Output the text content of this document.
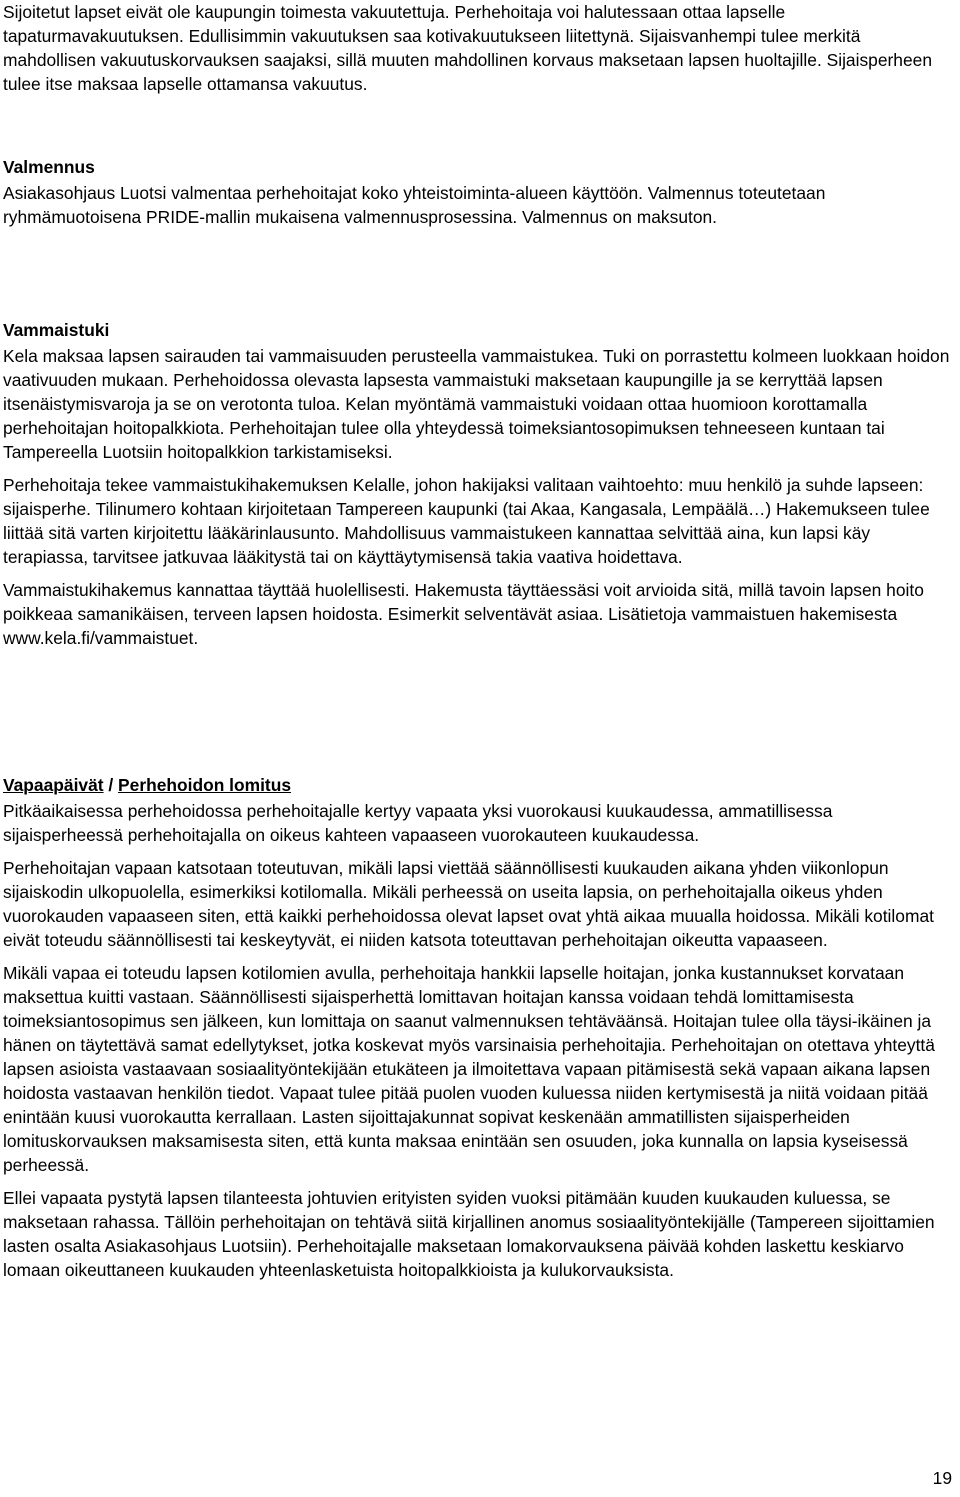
Sijoitetut lapset eivät ole kaupungin toimesta vakuutettuja. Perhehoitaja voi halutessaan ottaa lapselle tapaturmavakuutuksen. Edullisimmin vakuutuksen saa kotivakuutukseen liitettynä. Sijaisvanhempi tulee merkitä mahdollisen vakuutuskorvauksen saajaksi, sillä muuten mahdollinen korvaus maksetaan lapsen huoltajille. Sijaisperheen tulee itse maksaa lapselle ottamansa vakuutus.

Valmennus

Asiakasohjaus Luotsi valmentaa perhehoitajat koko yhteistoiminta-alueen käyttöön. Valmennus toteutetaan ryhmämuotoisena PRIDE-mallin mukaisena valmennusprosessina. Valmennus on maksuton.

Vammaistuki

Kela maksaa lapsen sairauden tai vammaisuuden perusteella vammaistukea. Tuki on porrastettu kolmeen luokkaan hoidon vaativuuden mukaan. Perhehoidossa olevasta lapsesta vammaistuki maksetaan kaupungille ja se kerryttää lapsen itsenäistymisvaroja ja se on verotonta tuloa. Kelan myöntämä vammaistuki voidaan ottaa huomioon korottamalla perhehoitajan hoitopalkkiota. Perhehoitajan tulee olla yhteydessä toimeksiantosopimuksen tehneeseen kuntaan tai Tampereella Luotsiin hoitopalkkion tarkistamiseksi.

Perhehoitaja tekee vammaistukihakemuksen Kelalle, johon hakijaksi valitaan vaihtoehto: muu henkilö ja suhde lapseen: sijaisperhe. Tilinumero kohtaan kirjoitetaan Tampereen kaupunki (tai Akaa, Kangasala, Lempäälä…) Hakemukseen tulee liittää sitä varten kirjoitettu lääkärinlausunto. Mahdollisuus vammaistukeen kannattaa selvittää aina, kun lapsi käy terapiassa, tarvitsee jatkuvaa lääkitystä tai on käyttäytymisensä takia vaativa hoidettava.

Vammaistukihakemus kannattaa täyttää huolellisesti. Hakemusta täyttäessäsi voit arvioida sitä, millä tavoin lapsen hoito poikkeaa samanikäisen, terveen lapsen hoidosta. Esimerkit selventävät asiaa. Lisätietoja vammaistuen hakemisesta www.kela.fi/vammaistuet.

Vapaapäivät / Perhehoidon lomitus

Pitkäaikaisessa perhehoidossa perhehoitajalle kertyy vapaata yksi vuorokausi kuukaudessa, ammatillisessa sijaisperheessä perhehoitajalla on oikeus kahteen vapaaseen vuorokauteen kuukaudessa.

Perhehoitajan vapaan katsotaan toteutuvan, mikäli lapsi viettää säännöllisesti kuukauden aikana yhden viikonlopun sijaiskodin ulkopuolella, esimerkiksi kotilomalla. Mikäli perheessä on useita lapsia, on perhehoitajalla oikeus yhden vuorokauden vapaaseen siten, että kaikki perhehoidossa olevat lapset ovat yhtä aikaa muualla hoidossa. Mikäli kotilomat eivät toteudu säännöllisesti tai keskeytyvät, ei niiden katsota toteuttavan perhehoitajan oikeutta vapaaseen.

Mikäli vapaa ei toteudu lapsen kotilomien avulla, perhehoitaja hankkii lapselle hoitajan, jonka kustannukset korvataan maksettua kuitti vastaan. Säännöllisesti sijaisperhettä lomittavan hoitajan kanssa voidaan tehdä lomittamisesta toimeksiantosopimus sen jälkeen, kun lomittaja on saanut valmennuksen tehtäväänsä. Hoitajan tulee olla täysi-ikäinen ja hänen on täytettävä samat edellytykset, jotka koskevat myös varsinaisia perhehoitajia. Perhehoitajan on otettava yhteyttä lapsen asioista vastaavaan sosiaalityöntekijään etukäteen ja ilmoitettava vapaan pitämisestä sekä vapaan aikana lapsen hoidosta vastaavan henkilön tiedot. Vapaat tulee pitää puolen vuoden kuluessa niiden kertymisestä ja niitä voidaan pitää enintään kuusi vuorokautta kerrallaan. Lasten sijoittajakunnat sopivat keskenään ammatillisten sijaisperheiden lomituskorvauksen maksamisesta siten, että kunta maksaa enintään sen osuuden, joka kunnalla on lapsia kyseisessä perheessä.

Ellei vapaata pystytä lapsen tilanteesta johtuvien erityisten syiden vuoksi pitämään kuuden kuukauden kuluessa, se maksetaan rahassa. Tällöin perhehoitajan on tehtävä siitä kirjallinen anomus sosiaalityöntekijälle (Tampereen sijoittamien lasten osalta Asiakasohjaus Luotsiin). Perhehoitajalle maksetaan lomakorvauksena päivää kohden laskettu keskiarvo lomaan oikeuttaneen kuukauden yhteenlasketuista hoitopalkkioista ja kulukorvauksista.

19
